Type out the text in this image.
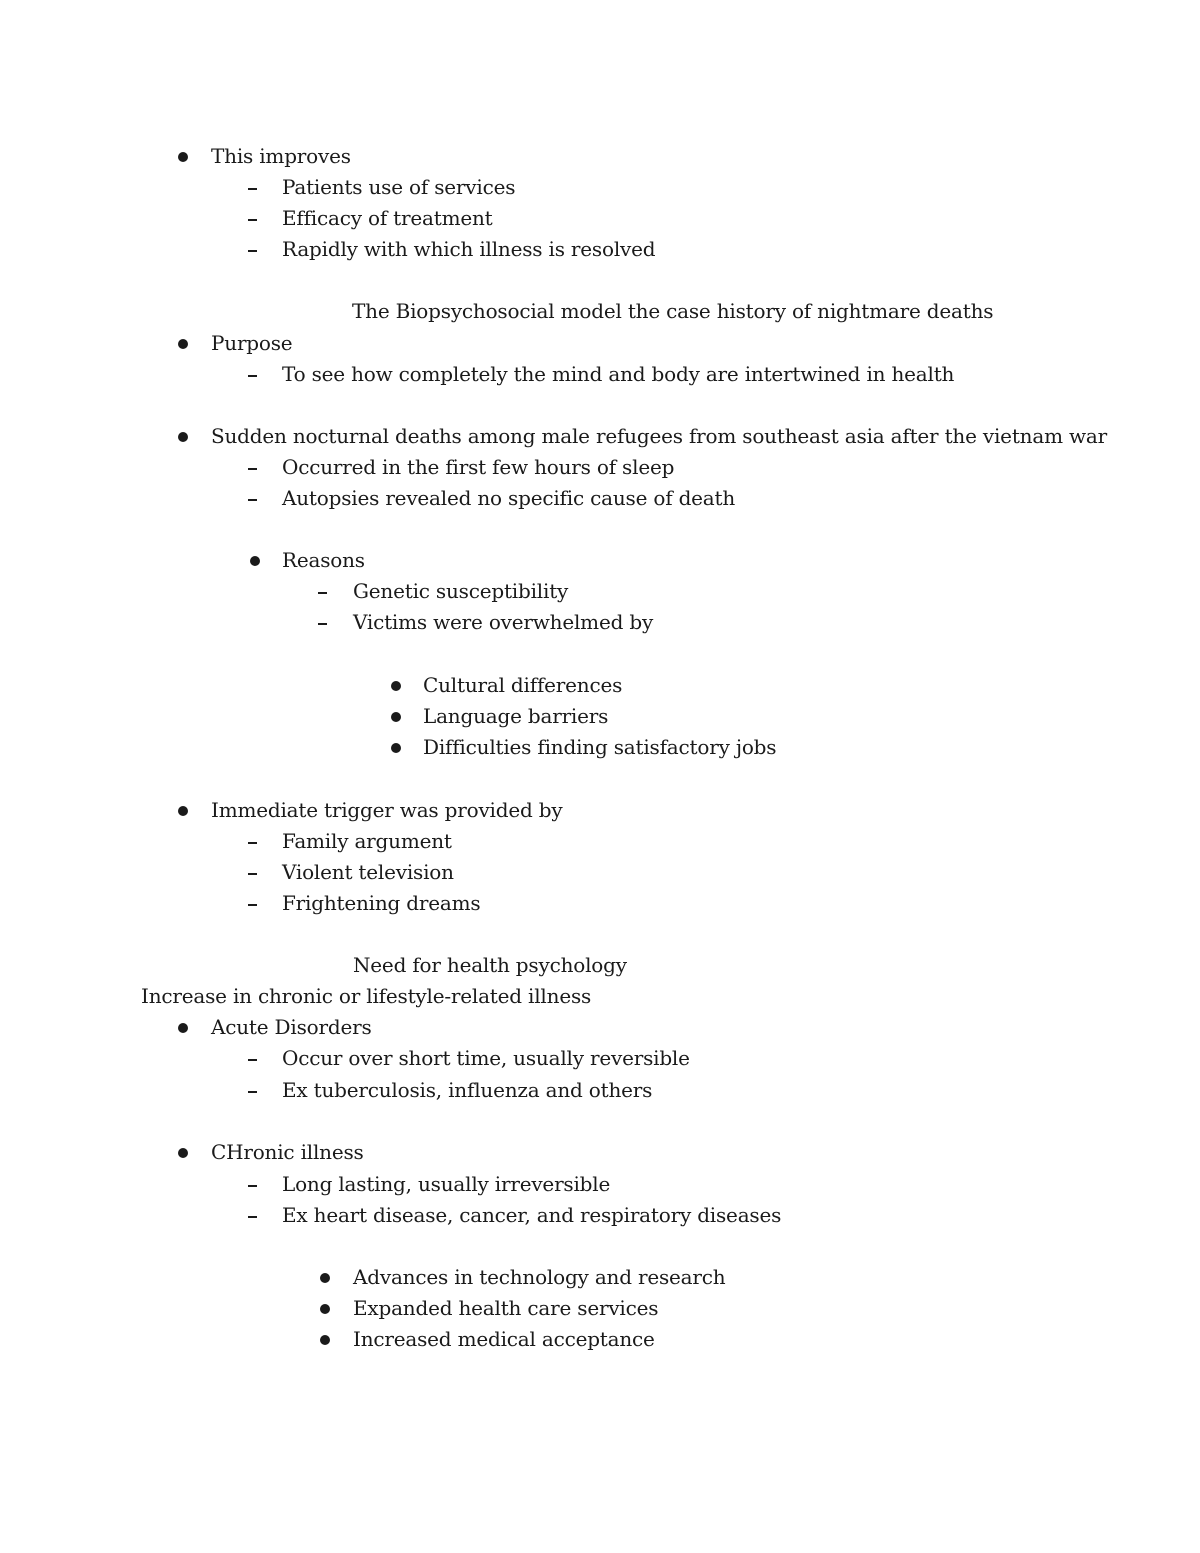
This improves
Patients use of services
Efficacy of treatment
Rapidly with which illness is resolved
The Biopsychosocial model the case history of nightmare deaths
Purpose
To see how completely the mind and body are intertwined in health
Sudden nocturnal deaths among male refugees from southeast asia after the vietnam war
Occurred in the first few hours of sleep
Autopsies revealed no specific cause of death
Reasons
Genetic susceptibility
Victims were overwhelmed by
Cultural differences
Language barriers
Difficulties finding satisfactory jobs
Immediate trigger was provided by
Family argument
Violent television
Frightening dreams
Need for health psychology
Increase in chronic or lifestyle-related illness
Acute Disorders
Occur over short time, usually reversible
Ex tuberculosis, influenza and others
CHronic illness
Long lasting, usually irreversible
Ex heart disease, cancer, and respiratory diseases
Advances in technology and research
Expanded health care services
Increased medical acceptance
